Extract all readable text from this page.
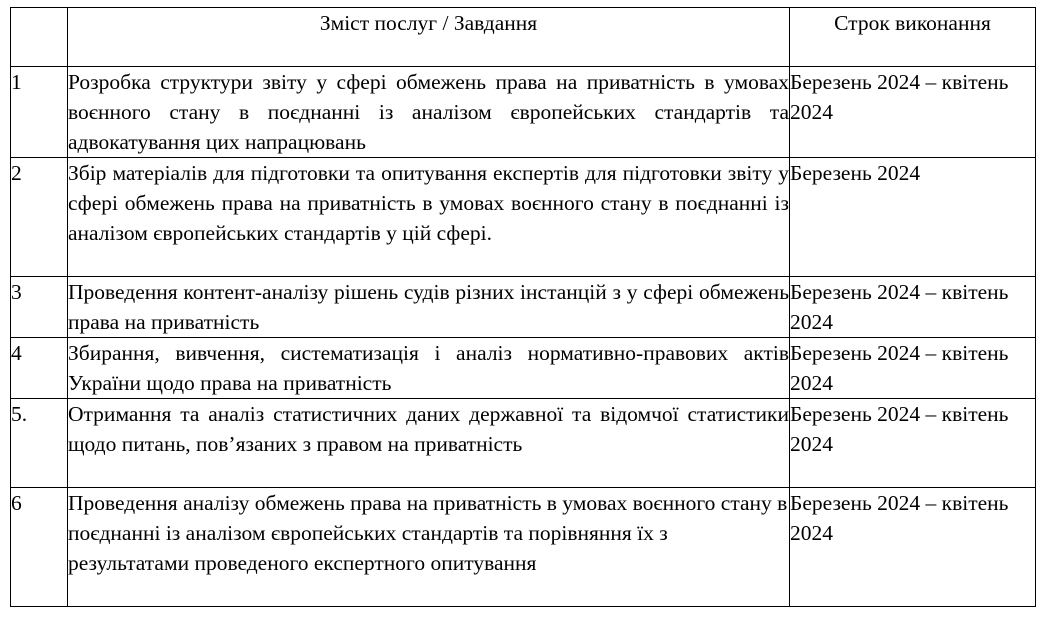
	Зміст послуг / Завдання	Строк виконання
1	Розробка структури звіту у сфері обмежень права на приватність в умовах воєнного стану в поєднанні із аналізом європейських стандартів та адвокатування цих напрацювань	Березень 2024 – квітень 2024
2	Збір матеріалів для підготовки та опитування експертів для підготовки звіту у сфері обмежень права на приватність в умовах воєнного стану в поєднанні із аналізом європейських стандартів у цій сфері.	Березень 2024
3	Проведення контент-аналізу рішень судів різних інстанцій з у сфері обмежень права на приватність	Березень 2024 – квітень 2024
4	Збирання, вивчення, систематизація і аналіз нормативно-правових актів України щодо права на приватність	Березень 2024 – квітень 2024
5.	Отримання та аналіз статистичних даних державної та відомчої статистики щодо питань, пов’язаних з правом на приватність	Березень 2024 – квітень 2024
6	Проведення аналізу обмежень права на приватність в умовах воєнного стану в поєднанні із аналізом європейських стандартів та порівняння їх з результатами проведеного експертного опитування	Березень 2024 – квітень 2024
